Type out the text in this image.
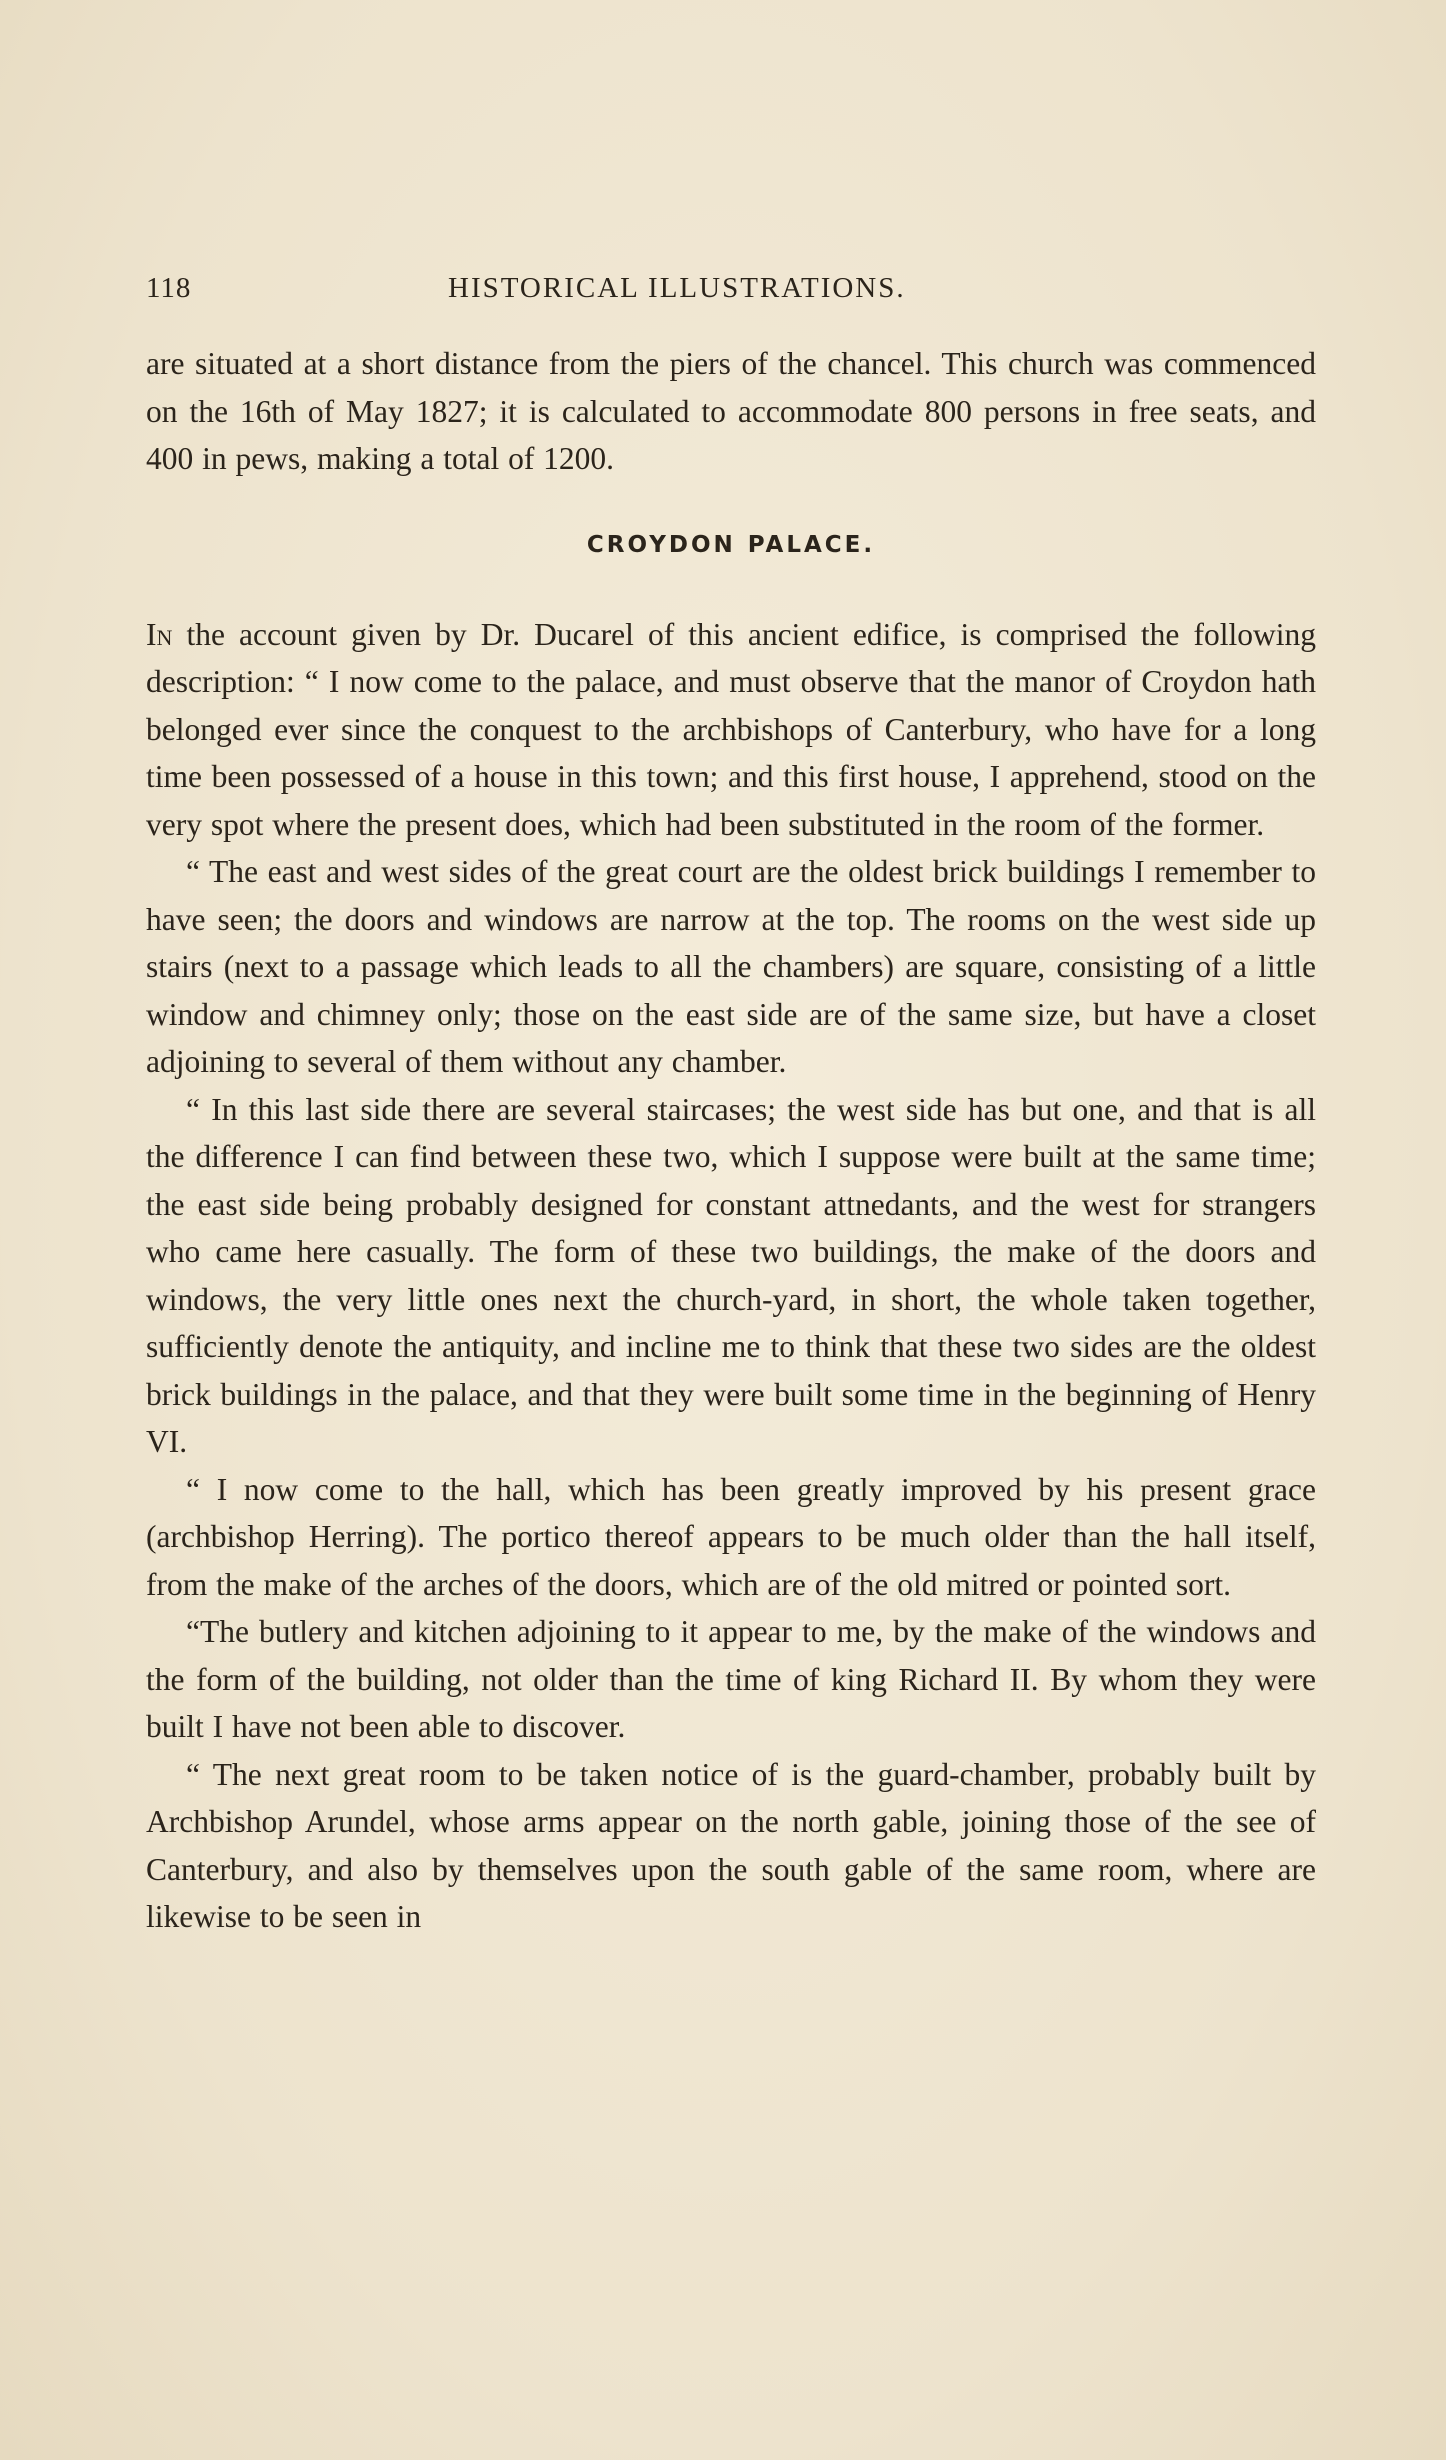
118	HISTORICAL ILLUSTRATIONS.

are situated at a short distance from the piers of the chancel. This church was commenced on the 16th of May 1827; it is calculated to accommodate 800 persons in free seats, and 400 in pews, making a total of 1200.

CROYDON PALACE.

In the account given by Dr. Ducarel of this ancient edifice, is comprised the following description: “ I now come to the palace, and must observe that the manor of Croydon hath belonged ever since the conquest to the archbishops of Canterbury, who have for a long time been possessed of a house in this town; and this first house, I apprehend, stood on the very spot where the present does, which had been substituted in the room of the former.

“ The east and west sides of the great court are the oldest brick buildings I remember to have seen; the doors and windows are narrow at the top. The rooms on the west side up stairs (next to a passage which leads to all the chambers) are square, consisting of a little window and chimney only; those on the east side are of the same size, but have a closet adjoining to several of them without any chamber.

“ In this last side there are several staircases; the west side has but one, and that is all the difference I can find between these two, which I suppose were built at the same time; the east side being probably designed for constant attnedants, and the west for strangers who came here casually. The form of these two buildings, the make of the doors and windows, the very little ones next the church-yard, in short, the whole taken together, sufficiently denote the antiquity, and incline me to think that these two sides are the oldest brick buildings in the palace, and that they were built some time in the beginning of Henry VI.

“ I now come to the hall, which has been greatly improved by his present grace (archbishop Herring). The portico thereof appears to be much older than the hall itself, from the make of the arches of the doors, which are of the old mitred or pointed sort.

“The butlery and kitchen adjoining to it appear to me, by the make of the windows and the form of the building, not older than the time of king Richard II. By whom they were built I have not been able to discover.

“ The next great room to be taken notice of is the guard-chamber, probably built by Archbishop Arundel, whose arms appear on the north gable, joining those of the see of Canterbury, and also by themselves upon the south gable of the same room, where are likewise to be seen in
